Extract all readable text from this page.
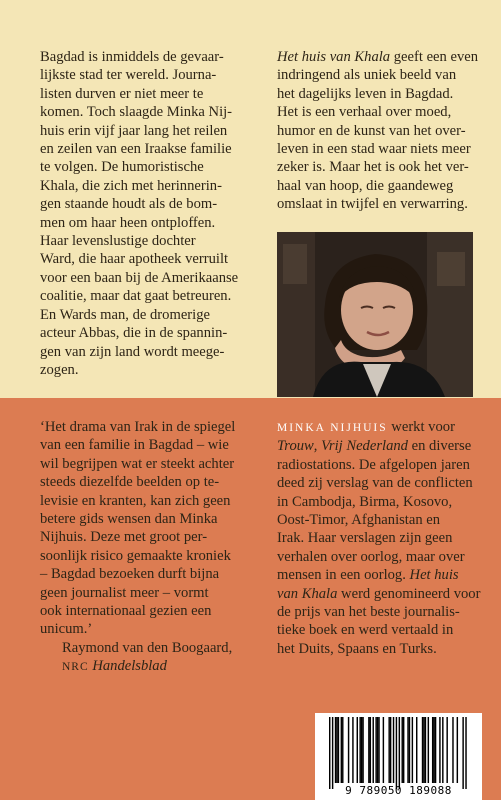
Bagdad is inmiddels de gevaar-
lijkste stad ter wereld. Journa-
listen durven er niet meer te
komen. Toch slaagde Minka Nij-
huis erin vijf jaar lang het reilen
en zeilen van een Iraakse familie
te volgen. De humoristische
Khala, die zich met herinnerin-
gen staande houdt als de bom-
men om haar heen ontploffen.
Haar levenslustige dochter
Ward, die haar apotheek verruilt
voor een baan bij de Amerikaanse
coalitie, maar dat gaat betreuren.
En Wards man, de dromerige
acteur Abbas, die in de spannin-
gen van zijn land wordt meege-
zogen.

Het huis van Khala geeft een even
indringend als uniek beeld van
het dagelijks leven in Bagdad.
Het is een verhaal over moed,
humor en de kunst van het over-
leven in een stad waar niets meer
zeker is. Maar het is ook het ver-
haal van hoop, die gaandeweg
omslaat in twijfel en verwarring.

‘Het drama van Irak in de spiegel
van een familie in Bagdad – wie
wil begrijpen wat er steekt achter
steeds diezelfde beelden op te-
levisie en kranten, kan zich geen
betere gids wensen dan Minka
Nijhuis. Deze met groot per-
soonlijk risico gemaakte kroniek
– Bagdad bezoeken durft bijna
geen journalist meer – vormt
ook internationaal gezien een
unicum.’
Raymond van den Boogaard,
NRC Handelsblad

MINKA NIJHUIS werkt voor
Trouw, Vrij Nederland en diverse
radiostations. De afgelopen jaren
deed zij verslag van de conflicten
in Cambodja, Birma, Kosovo,
Oost-Timor, Afghanistan en
Irak. Haar verslagen zijn geen
verhalen over oorlog, maar over
mensen in een oorlog. Het huis
van Khala werd genomineerd voor
de prijs van het beste journalis-
tieke boek en werd vertaald in
het Duits, Spaans en Turks.

9 789050 189088
